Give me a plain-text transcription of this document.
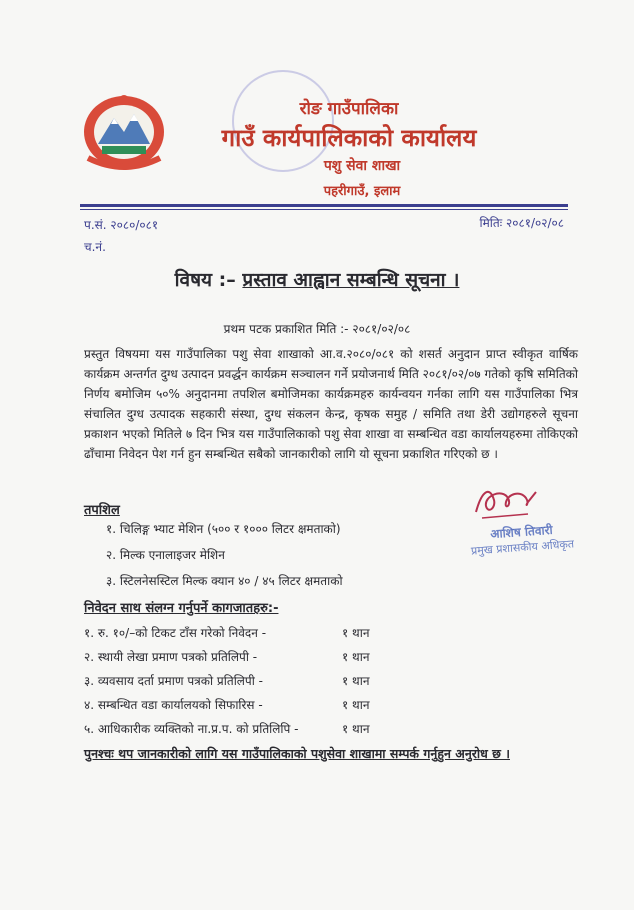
रोङ गाउँपालिका
गाउँ कार्यपालिकाको कार्यालय
पशु सेवा शाखा
पहरीगाउँ, इलाम
प.सं. २०८०/०८१
च.नं.
मितिः २०८१/०२/०८
विषय :– प्रस्ताव आह्वान सम्बन्धि सूचना ।
प्रथम पटक प्रकाशित मिति :- २०८१/०२/०८

प्रस्तुत विषयमा यस गाउँपालिका पशु सेवा शाखाको आ.व.२०८०/०८१ को शसर्त अनुदान प्राप्त स्वीकृत वार्षिक कार्यक्रम अन्तर्गत दुग्ध उत्पादन प्रवर्द्धन कार्यक्रम सञ्चालन गर्ने प्रयोजनार्थ मिति २०८१/०२/०७ गतेको कृषि समितिको निर्णय बमोजिम ५०% अनुदानमा तपशिल बमोजिमका कार्यक्रमहरु कार्यन्वयन गर्नका लागि यस गाउँपालिका भित्र संचालित दुग्ध उत्पादक सहकारी संस्था, दुग्ध संकलन केन्द्र, कृषक समुह / समिति तथा डेरी उद्योगहरुले सूचना प्रकाशन भएको मितिले ७ दिन भित्र यस गाउँपालिकाको पशु सेवा शाखा वा सम्बन्धित वडा कार्यालयहरुमा तोकिएको ढाँचामा निवेदन पेश गर्न हुन सम्बन्धित सबैको जानकारीको लागि यो सूचना प्रकाशित गरिएको छ ।

तपशिल
१. चिलिङ्ग भ्याट मेशिन (५०० र १००० लिटर क्षमताको)
२. मिल्क एनालाइजर मेशिन
३. स्टिलनेसस्टिल मिल्क क्यान ४० / ४५ लिटर क्षमताको
आशिष तिवारी
प्रमुख प्रशासकीय अधिकृत
निवेदन साथ संलग्न गर्नुपर्ने कागजातहरु:-
१. रु. १०/–को टिकट टाँस गरेको निवेदन -	१ थान
२. स्थायी लेखा प्रमाण पत्रको प्रतिलिपी -	१ थान
३. व्यवसाय दर्ता प्रमाण पत्रको प्रतिलिपी -	१ थान
४. सम्बन्धित वडा कार्यालयको सिफारिस -	१ थान
५. आधिकारीक व्यक्तिको ना.प्र.प. को प्रतिलिपि -	१ थान
पुनश्चः थप जानकारीको लागि यस गाउँपालिकाको पशुसेवा शाखामा सम्पर्क गर्नुहुन अनुरोध छ ।
